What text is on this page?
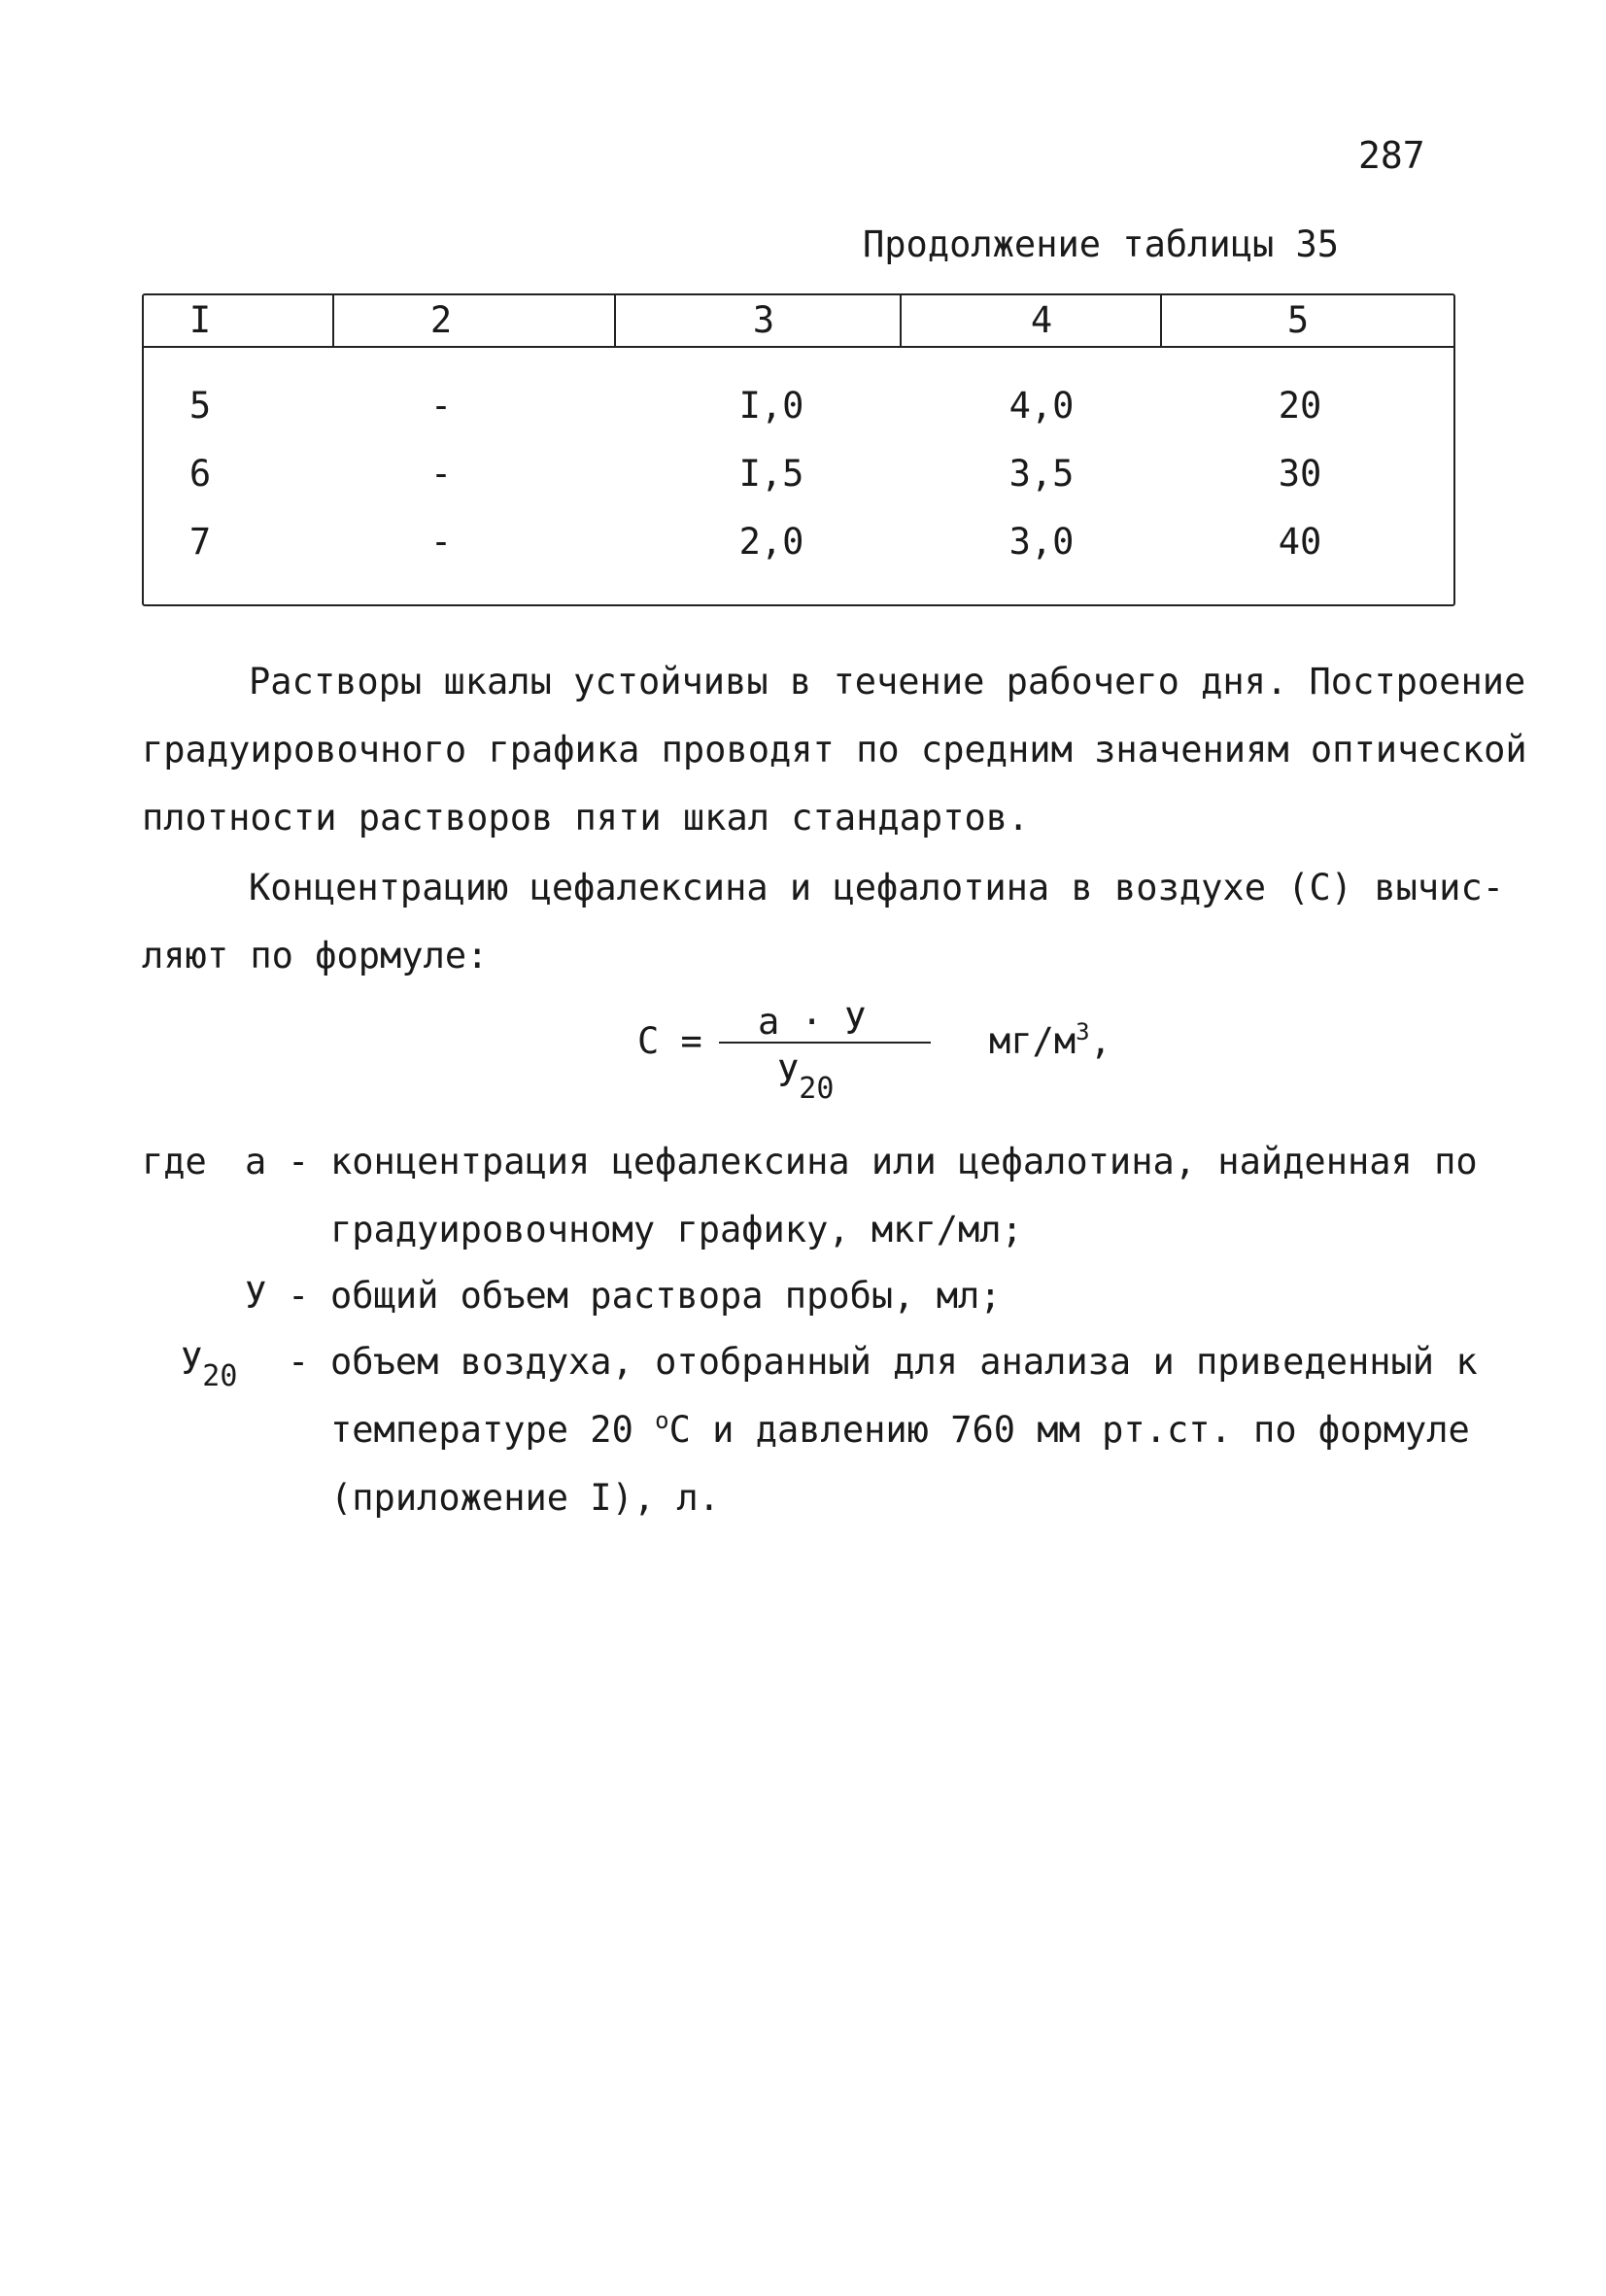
287
Продолжение таблицы 35
I	2	3	4	5
5	-	I,0	4,0	20
6	-	I,5	3,5	30
7	-	2,0	3,0	40
Растворы шкалы устойчивы в течение рабочего дня. Построение
градуировочного графика проводят по средним значениям оптической
плотности растворов пяти шкал стандартов.
Концентрацию цефалексина и цефалотина в воздухе (С) вычис-
ляют по формуле:
С = а · У
$У_{20}$
$мг/м^3$,
где а - концентрация цефалексина или цефалотина, найденная по
градуировочному графику, мкг/мл;
У - общий объем раствора пробы, мл;
$У_{20}$ - объем воздуха, отобранный для анализа и приведенный к
температуре 20 $^о$С и давлению 760 мм рт.ст. по формуле
(приложение I), л.
